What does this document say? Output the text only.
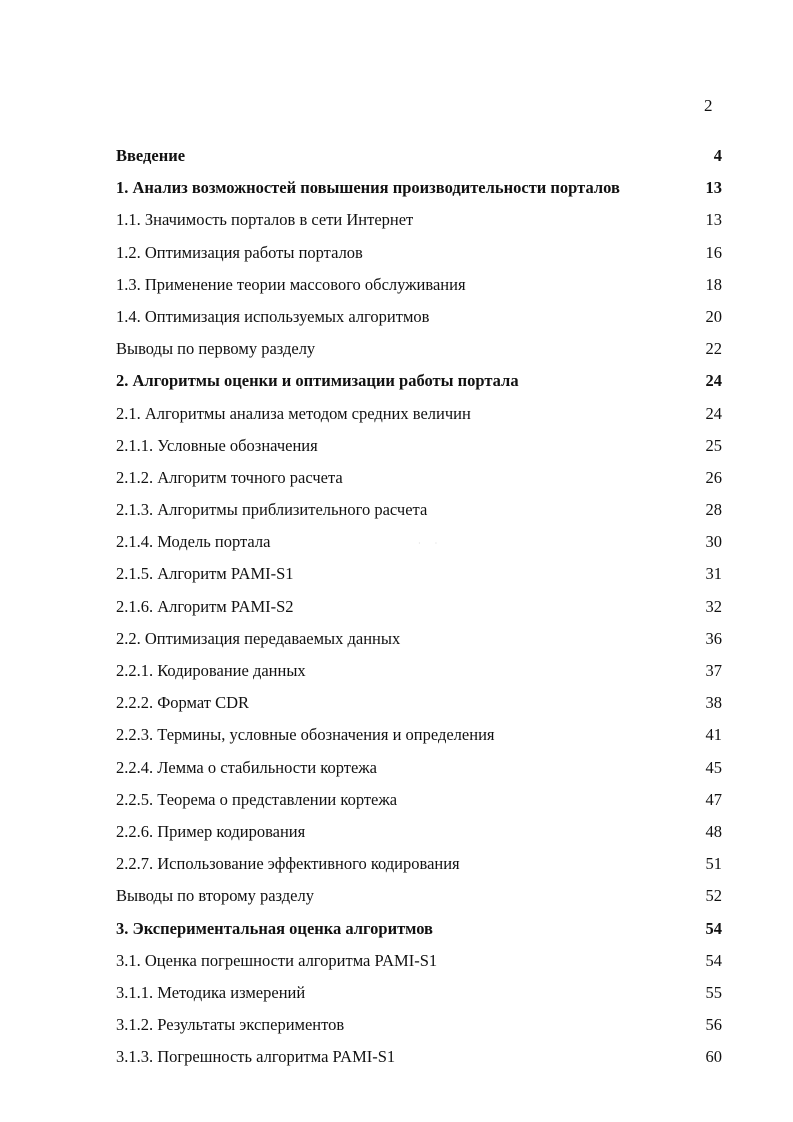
2
Введение	4
1. Анализ возможностей повышения производительности порталов	13
1.1. Значимость порталов в сети Интернет	13
1.2. Оптимизация работы порталов	16
1.3. Применение теории массового обслуживания	18
1.4. Оптимизация используемых алгоритмов	20
Выводы по первому разделу	22
2. Алгоритмы оценки и оптимизации работы портала	24
2.1. Алгоритмы анализа методом средних величин	24
2.1.1. Условные обозначения	25
2.1.2. Алгоритм точного расчета	26
2.1.3. Алгоритмы приблизительного расчета	28
2.1.4. Модель портала	30
2.1.5. Алгоритм PAMI-S1	31
2.1.6. Алгоритм PAMI-S2	32
2.2. Оптимизация передаваемых данных	36
2.2.1. Кодирование данных	37
2.2.2. Формат CDR	38
2.2.3. Термины, условные обозначения и определения	41
2.2.4. Лемма о стабильности кортежа	45
2.2.5. Теорема о представлении кортежа	47
2.2.6. Пример кодирования	48
2.2.7. Использование эффективного кодирования	51
Выводы по второму разделу	52
3. Экспериментальная оценка алгоритмов	54
3.1. Оценка погрешности алгоритма PAMI-S1	54
3.1.1. Методика измерений	55
3.1.2. Результаты экспериментов	56
3.1.3. Погрешность алгоритма PAMI-S1	60
· ·
